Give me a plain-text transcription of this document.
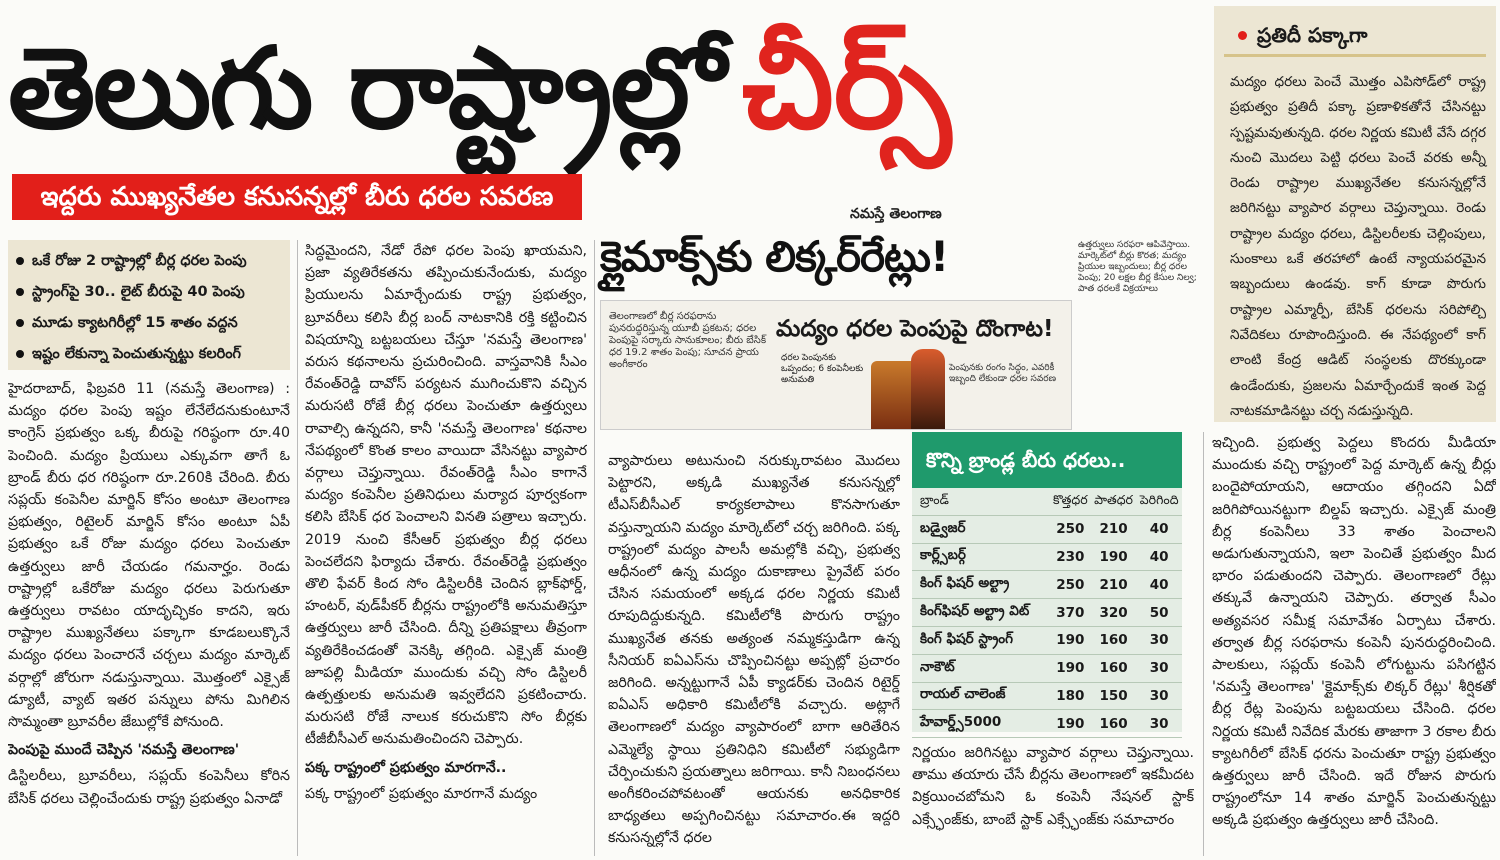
తెలుగు రాష్ట్రాల్లో చీర్స్
ఇద్దరు ముఖ్యనేతల కనుసన్నల్లో బీరు ధరల సవరణ
ఒకే రోజు 2 రాష్ట్రాల్లో బీర్ల ధరల పెంపు
స్ట్రాంగ్‌పై 30.. లైట్ బీరుపై 40 పెంపు
మూడు క్యాటగిరీల్లో 15 శాతం వద్దన
ఇష్టం లేకున్నా పెంచుతున్నట్టు కలరింగ్

హైదరాబాద్, ఫిబ్రవరి 11 (నమస్తే తెలంగాణ) : మద్యం ధరల పెంపు ఇష్టం లేనేలేదనుకుంటూనే కాంగ్రెస్ ప్రభుత్వం ఒక్క బీరుపై గరిష్ఠంగా రూ.40 పెంచింది. మద్యం ప్రియులు ఎక్కువగా తాగే ఓ బ్రాండ్ బీరు ధర గరిష్ఠంగా రూ.260కి చేరింది. బీరు సప్లయ్ కంపెనీల మార్జిన్ కోసం అంటూ తెలంగాణ ప్రభుత్వం, రిటైలర్ మార్జిన్ కోసం అంటూ ఏపీ ప్రభుత్వం ఒకే రోజు మద్యం ధరలు పెంచుతూ ఉత్తర్వులు జారీ చేయడం గమనార్హం. రెండు రాష్ట్రాల్లో ఒకేరోజు మద్యం ధరలు పెరుగుతూ ఉత్తర్వులు రావటం యాదృచ్ఛికం కాదని, ఇరు రాష్ట్రాల ముఖ్యనేతలు పక్కాగా కూడబలుక్కొనే మద్యం ధరలు పెంచారనే చర్చలు మద్యం మార్కెట్ వర్గాల్లో జోరుగా నడుస్తున్నాయి. మొత్తంలో ఎక్సైజ్ డ్యూటీ, వ్యాట్ ఇతర పన్నులు పోను మిగిలిన సొమ్మంతా బ్రూవరీల జేబుల్లోకే పోనుంది.

పెంపుపై ముందే చెప్పిన 'నమస్తే తెలంగాణ'

డిస్టిలరీలు, బ్రూవరీలు, సప్లయ్ కంపెనీలు కోరిన బేసిక్ ధరలు చెల్లించేందుకు రాష్ట్ర ప్రభుత్వం ఏనాడో

సిద్ధమైందని, నేడో రేపో ధరల పెంపు ఖాయమని, ప్రజా వ్యతిరేకతను తప్పించుకునేందుకు, మద్యం ప్రియులను ఏమార్చేందుకు రాష్ట్ర ప్రభుత్వం, బ్రూవరీలు కలిసి బీర్ల బంద్ నాటకానికి రక్తి కట్టించిన విషయాన్ని బట్టబయలు చేస్తూ 'నమస్తే తెలంగాణ' వరుస కథనాలను ప్రచురించింది. వాస్తవానికి సీఎం రేవంత్‌రెడ్డి దావోస్ పర్యటన ముగించుకొని వచ్చిన మరుసటి రోజే బీర్ల ధరలు పెంచుతూ ఉత్తర్వులు రావాల్సి ఉన్నదని, కానీ 'నమస్తే తెలంగాణ' కథనాల నేపథ్యంలో కొంత కాలం వాయిదా వేసినట్టు వ్యాపార వర్గాలు చెప్తున్నాయి. రేవంత్‌రెడ్డి సీఎం కాగానే మద్యం కంపెనీల ప్రతినిధులు మర్యాద పూర్వకంగా కలిసి బేసిక్ ధర పెంచాలని వినతి పత్రాలు ఇచ్చారు. 2019 నుంచి కేసీఆర్ ప్రభుత్వం బీర్ల ధరలు పెంచలేదని ఫిర్యాదు చేశారు. రేవంత్‌రెడ్డి ప్రభుత్వం తొలి ఫేవర్ కింద సోం డిస్టిలరీకి చెందిన బ్లాక్‌ఫోర్డ్, హంటర్, వుడ్‌పీకర్ బీర్లను రాష్ట్రంలోకి అనుమతిస్తూ ఉత్తర్వులు జారీ చేసింది. దీన్ని ప్రతిపక్షాలు తీవ్రంగా వ్యతిరేకించడంతో వెనక్కి తగ్గింది. ఎక్సైజ్ మంత్రి జూపల్లి మీడియా ముందుకు వచ్చి సోం డిస్టిలరీ ఉత్పత్తులకు అనుమతి ఇవ్వలేదని ప్రకటించారు. మరుసటి రోజే నాలుక కరుచుకొని సోం బీర్లకు టీజీబీసీఎల్ అనుమతించిందని చెప్పారు.

పక్క రాష్ట్రంలో ప్రభుత్వం మారగానే..

పక్క రాష్ట్రంలో ప్రభుత్వం మారగానే మద్యం

నమస్తే తెలంగాణ
క్లైమాక్స్‌కు లిక్కర్‌రేట్లు!
తెలంగాణలో బీర్ల సరఫరాను పునరుద్ధరిస్తున్న యూబీ ప్రకటన; ధరల పెంపుపై సర్కారు సానుకూలం; బీరు బేసిక్ ధర 19.2 శాతం పెంపు; సూచన ప్రాయ అంగీకారం
మద్యం ధరల పెంపుపై దొంగాట!
ధరల పెంపునకు ఒప్పందం; 6 కంపెనీలకు అనుమతి
పెంపునకు రంగం సిద్ధం, ఎవరికీ ఇబ్బంది లేకుండా ధరల సవరణ
ఉత్తర్వులు సరఫరా ఆపివేస్తాయి. మార్కెట్‌లో బీర్లు కొరత; మద్యం ప్రియుల ఇబ్బందులు; బీర్ల ధరల పెంపు; 20 లక్షల బీర్ల కేసుల నిల్వ; పాత ధరలకే విక్రయాలు

వ్యాపారులు అటునుంచి నరుక్కురావటం మొదలు పెట్టారని, అక్కడి ముఖ్యనేత కనుసన్నల్లో టీఎస్‌బీసీఎల్ కార్యకలాపాలు కొనసాగుతూ వస్తున్నాయని మద్యం మార్కెట్‌లో చర్చ జరిగింది. పక్క రాష్ట్రంలో మద్యం పాలసీ అమల్లోకి వచ్చి, ప్రభుత్వ ఆధీనంలో ఉన్న మద్యం దుకాణాలు ప్రైవేట్ పరం చేసిన సమయంలో అక్కడ ధరల నిర్ణయ కమిటీ రూపుదిద్దుకున్నది. కమిటీలోకి పొరుగు రాష్ట్రం ముఖ్యనేత తనకు అత్యంత నమ్మకస్తుడిగా ఉన్న సీనియర్ ఐఏఎస్‌ను చొప్పించినట్టు అప్పట్లో ప్రచారం జరిగింది. అన్నట్టుగానే ఏపీ క్యాడర్‌కు చెందిన రిటైర్డ్ ఐఏఎస్ అధికారి కమిటీలోకి వచ్చారు. అట్లాగే తెలంగాణలో మద్యం వ్యాపారంలో బాగా ఆరితేరిన ఎమ్మెల్యే స్థాయి ప్రతినిధిని కమిటీలో సభ్యుడిగా చేర్పించుకుని ప్రయత్నాలు జరిగాయి. కానీ నిబంధనలు అంగీకరించపోవటంతో ఆయనకు అనధికారిక బాధ్యతలు అప్పగించినట్టు సమాచారం.ఈ ఇద్దరి కనుసన్నల్లోనే ధరల

కొన్ని బ్రాండ్ల బీరు ధరలు..
బ్రాండ్	కొత్తధర	పాతధర	పెరిగింది
బడ్వైజర్	250	210	40
కార్ల్స్‌బర్గ్	230	190	40
కింగ్ ఫిషర్ అల్ట్రా	250	210	40
కింగ్‌ఫిషర్ అల్ట్రా విట్	370	320	50
కింగ్ ఫిషర్ స్ట్రాంగ్	190	160	30
నాకౌట్	190	160	30
రాయల్ చాలెంజ్	180	150	30
హేవార్డ్స్5000	190	160	30

నిర్ణయం జరిగినట్టు వ్యాపార వర్గాలు చెప్తున్నాయి. తాము తయారు చేసే బీర్లను తెలంగాణలో ఇకమీదట విక్రయించబోమని ఓ కంపెనీ నేషనల్ స్టాక్ ఎక్స్ఛేంజ్‌కు, బాంబే స్టాక్ ఎక్స్ఛేంజ్‌కు సమాచారం

ప్రతిదీ పక్కాగా
మద్యం ధరలు పెంచే మొత్తం ఎపిసోడ్‌లో రాష్ట్ర ప్రభుత్వం ప్రతిదీ పక్కా ప్రణాళికతోనే చేసినట్టు స్పష్టమవుతున్నది. ధరల నిర్ణయ కమిటీ వేసే దగ్గర నుంచి మొదలు పెట్టి ధరలు పెంచే వరకు అన్నీ రెండు రాష్ట్రాల ముఖ్యనేతల కనుసన్నల్లోనే జరిగినట్టు వ్యాపార వర్గాలు చెప్తున్నాయి. రెండు రాష్ట్రాల మద్యం ధరలు, డిస్టిలరీలకు చెల్లింపులు, సుంకాలు ఒకే తరహాలో ఉంటే న్యాయపరమైన ఇబ్బందులు ఉండవు. కాగ్ కూడా పొరుగు రాష్ట్రాల ఎమ్మార్పీ, బేసిక్ ధరలను సరిపోల్చి నివేదికలు రూపొందిస్తుంది. ఈ నేపథ్యంలో కాగ్ లాంటి కేంద్ర ఆడిట్ సంస్థలకు దొరక్కుండా ఉండేందుకు, ప్రజలను ఏమార్చేందుకే ఇంత పెద్ద నాటకమాడినట్టు చర్చ నడుస్తున్నది.

ఇచ్చింది. ప్రభుత్వ పెద్దలు కొందరు మీడియా ముందుకు వచ్చి రాష్ట్రంలో పెద్ద మార్కెట్ ఉన్న బీర్లు బందైపోయాయని, ఆదాయం తగ్గిందని ఏదో జరిగిపోయినట్టుగా బిల్డప్ ఇచ్చారు. ఎక్సైజ్ మంత్రి బీర్ల కంపెనీలు 33 శాతం పెంచాలని అడుగుతున్నాయని, ఇలా పెంచితే ప్రభుత్వం మీద భారం పడుతుందని చెప్పారు. తెలంగాణలో రేట్లు తక్కువే ఉన్నాయని చెప్పారు. తర్వాత సీఎం అత్యవసర సమీక్ష సమావేశం ఏర్పాటు చేశారు. తర్వాత బీర్ల సరఫరాను కంపెనీ పునరుద్ధరించింది. పాలకులు, సప్లయ్ కంపెనీ లోగుట్టును పసిగట్టిన 'నమస్తే తెలంగాణ' 'క్లైమాక్స్‌కు లిక్కర్ రేట్లు' శీర్షికతో బీర్ల రేట్ల పెంపును బట్టబయలు చేసింది. ధరల నిర్ణయ కమిటీ నివేదిక మేరకు తాజాగా 3 రకాల బీరు క్యాటగిరీలో బేసిక్ ధరను పెంచుతూ రాష్ట్ర ప్రభుత్వం ఉత్తర్వులు జారీ చేసింది. ఇదే రోజున పొరుగు రాష్ట్రంలోనూ 14 శాతం మార్జిన్ పెంచుతున్నట్టు అక్కడి ప్రభుత్వం ఉత్తర్వులు జారీ చేసింది.
